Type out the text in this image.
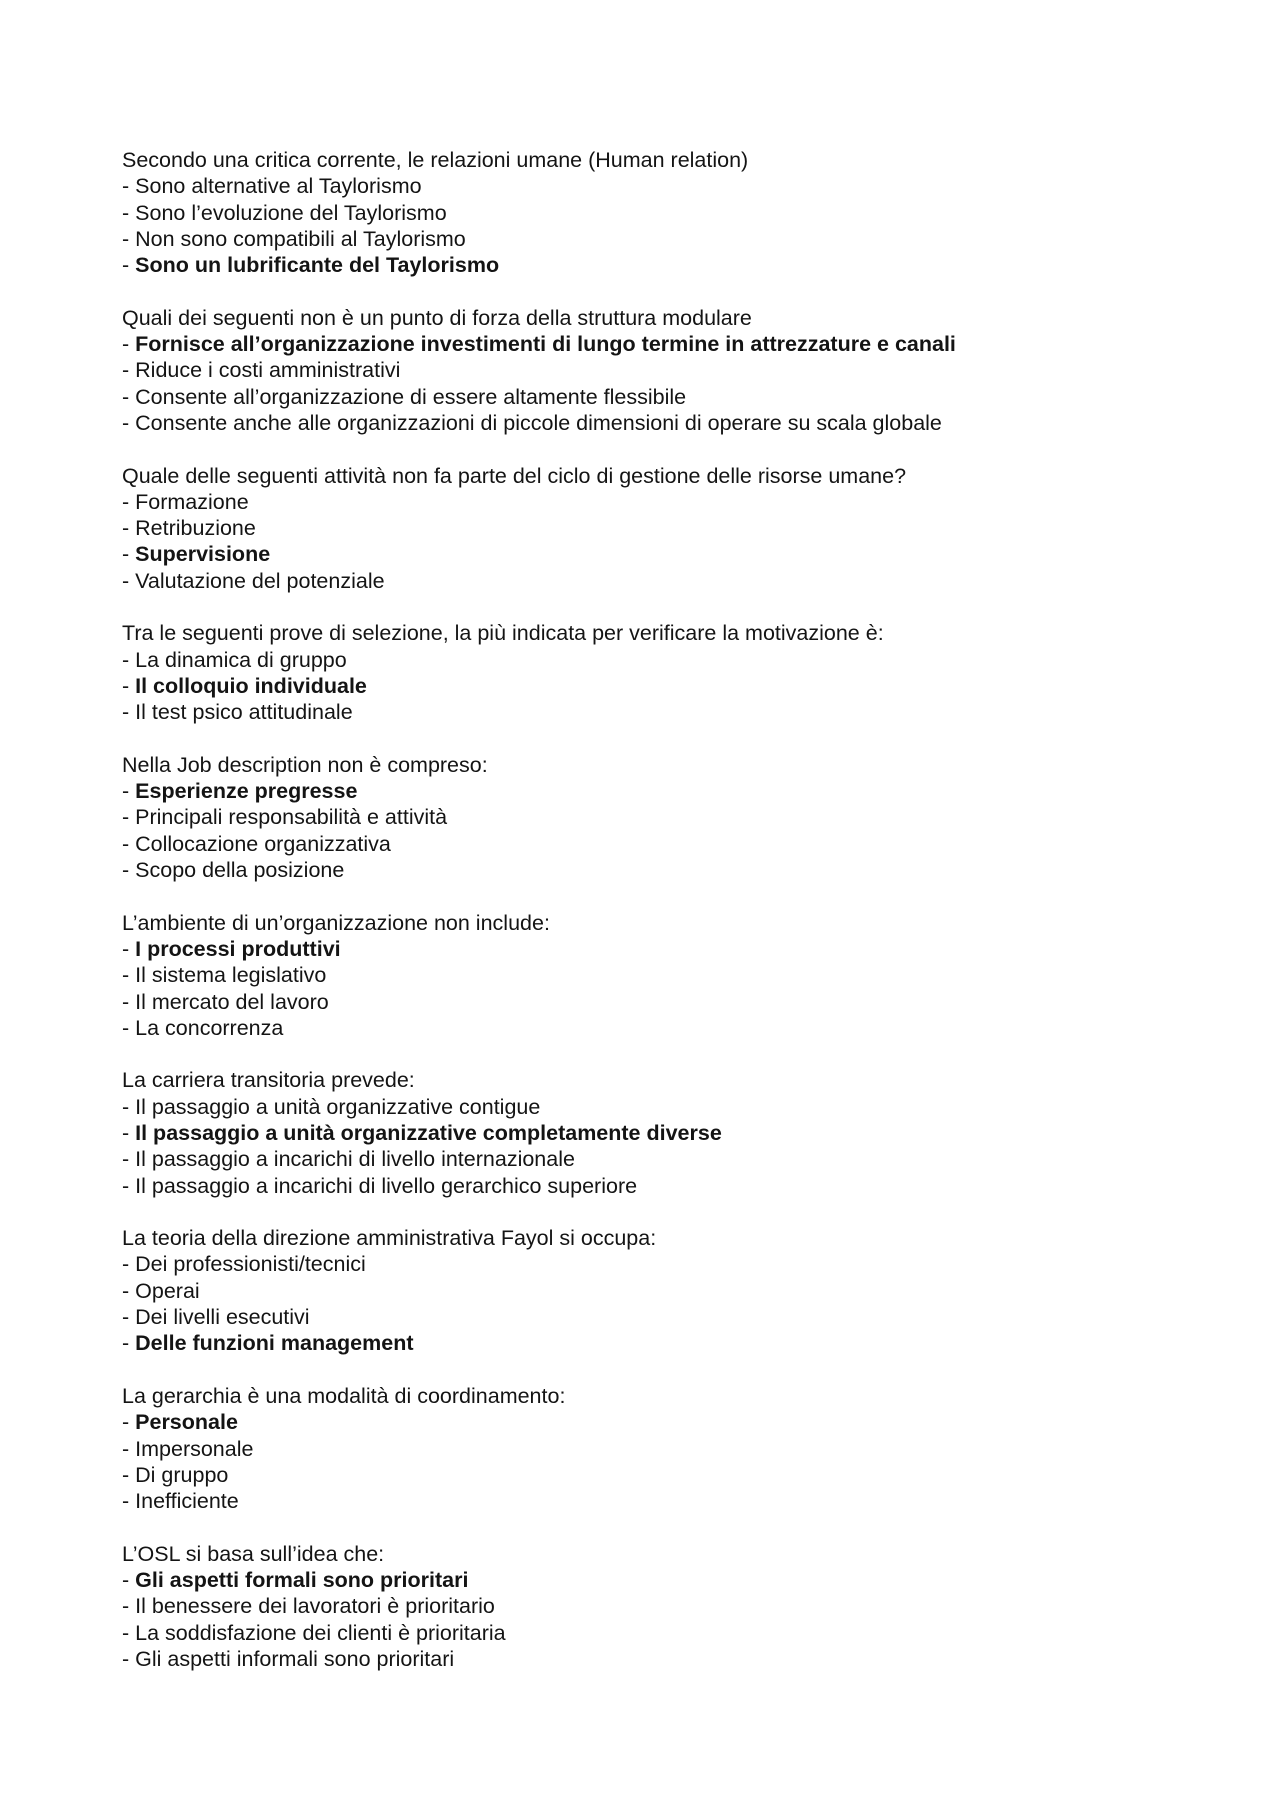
Secondo una critica corrente, le relazioni umane (Human relation)
- Sono alternative al Taylorismo
- Sono l’evoluzione del Taylorismo
- Non sono compatibili al Taylorismo
- Sono un lubrificante del Taylorismo
Quali dei seguenti non è un punto di forza della struttura modulare
- Fornisce all’organizzazione investimenti di lungo termine in attrezzature e canali
- Riduce i costi amministrativi
- Consente all’organizzazione di essere altamente flessibile
- Consente anche alle organizzazioni di piccole dimensioni di operare su scala globale
Quale delle seguenti attività non fa parte del ciclo di gestione delle risorse umane?
- Formazione
- Retribuzione
- Supervisione
- Valutazione del potenziale
Tra le seguenti prove di selezione, la più indicata per verificare la motivazione è:
- La dinamica di gruppo
- Il colloquio individuale
- Il test psico attitudinale
Nella Job description non è compreso:
- Esperienze pregresse
- Principali responsabilità e attività
- Collocazione organizzativa
- Scopo della posizione
L’ambiente di un’organizzazione non include:
- I processi produttivi
- Il sistema legislativo
- Il mercato del lavoro
- La concorrenza
La carriera transitoria prevede:
- Il passaggio a unità organizzative contigue
- Il passaggio a unità organizzative completamente diverse
- Il passaggio a incarichi di livello internazionale
- Il passaggio a incarichi di livello gerarchico superiore
La teoria della direzione amministrativa Fayol si occupa:
- Dei professionisti/tecnici
- Operai
- Dei livelli esecutivi
- Delle funzioni management
La gerarchia è una modalità di coordinamento:
- Personale
- Impersonale
- Di gruppo
- Inefficiente
L’OSL si basa sull’idea che:
- Gli aspetti formali sono prioritari
- Il benessere dei lavoratori è prioritario
- La soddisfazione dei clienti è prioritaria
- Gli aspetti informali sono prioritari
